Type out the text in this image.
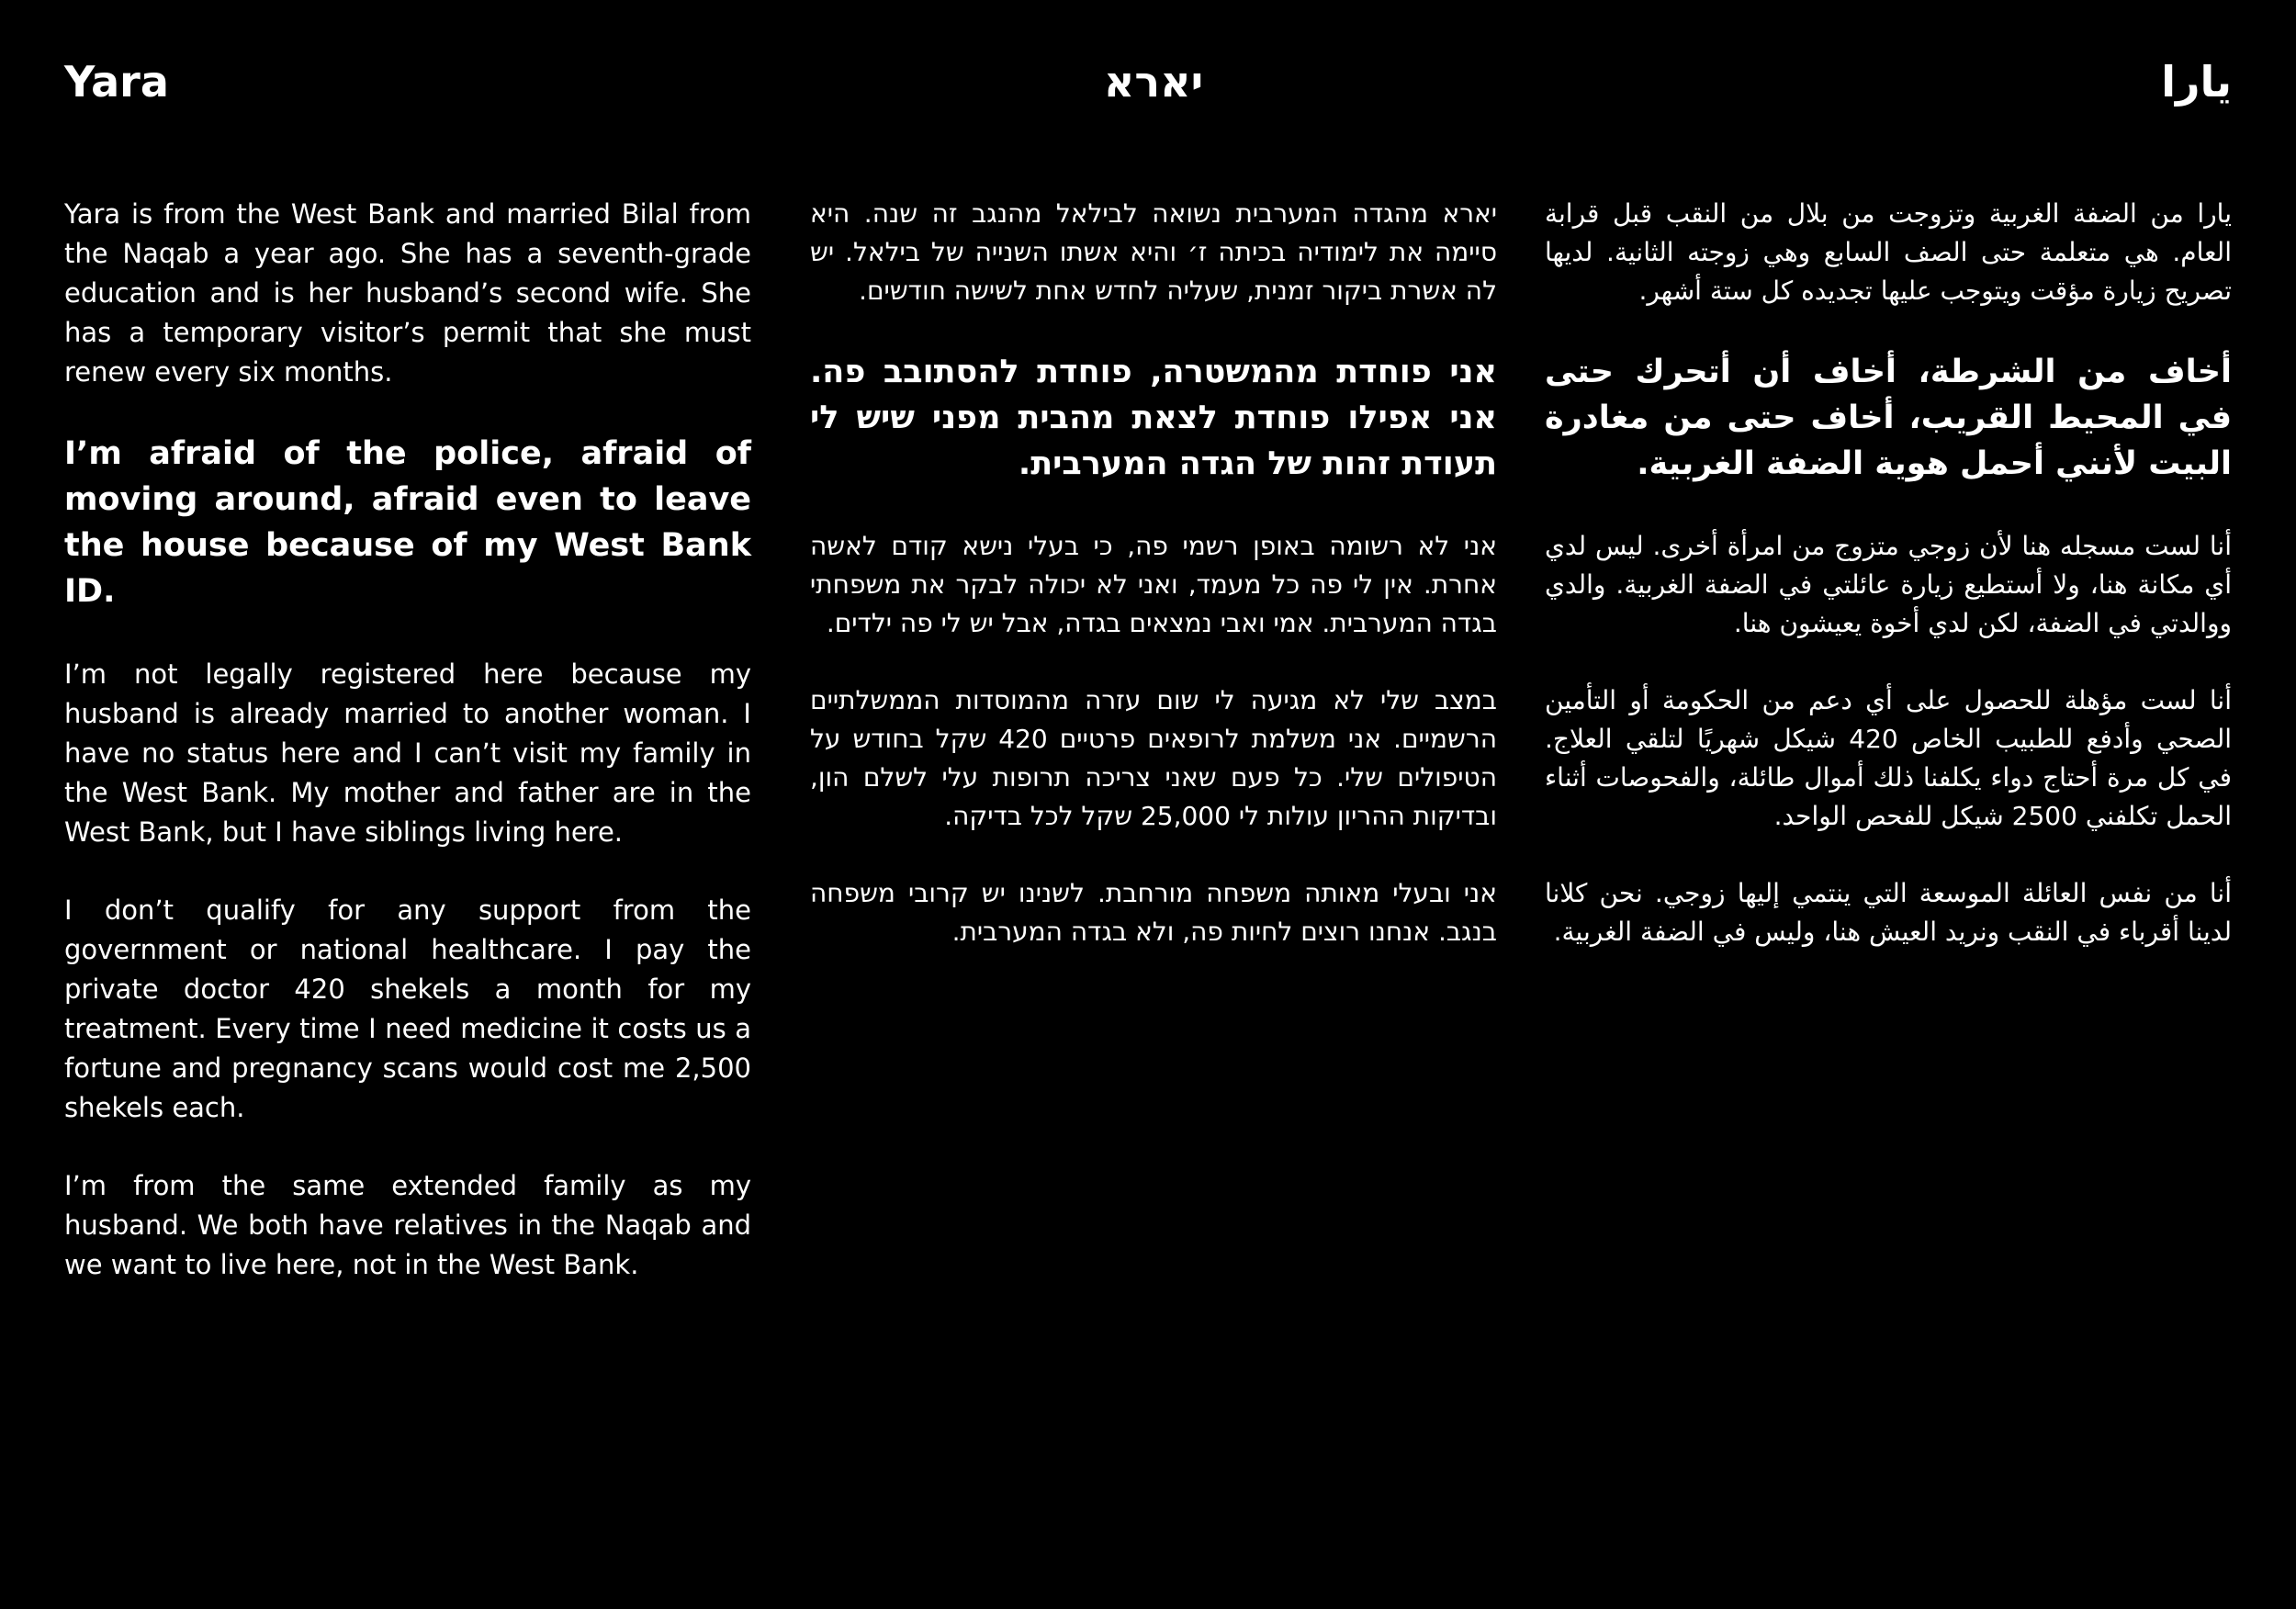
Yara

Yara is from the West Bank and married Bilal from the Naqab a year ago. She has a seventh-grade education and is her husband’s second wife. She has a temporary visitor’s permit that she must renew every six months.

I’m afraid of the police, afraid of moving around, afraid even to leave the house because of my West Bank ID.

I’m not legally registered here because my husband is already married to another woman. I have no status here and I can’t visit my family in the West Bank. My mother and father are in the West Bank, but I have siblings living here.

I don’t qualify for any support from the government or national healthcare. I pay the private doctor 420 shekels a month for my treatment. Every time I need medicine it costs us a fortune and pregnancy scans would cost me 2,500 shekels each.

I’m from the same extended family as my husband. We both have relatives in the Naqab and we want to live here, not in the West Bank.

יארא

יארא מהגדה המערבית נשואה לבילאל מהנגב זה שנה. היא סיימה את לימודיה בכיתה ז׳ והיא אשתו השנייה של בילאל. יש לה אשרת ביקור זמנית, שעליה לחדש אחת לשישה חודשים.

אני פוחדת מהמשטרה, פוחדת להסתובב פה. אני אפילו פוחדת לצאת מהבית מפני שיש לי תעודת זהות של הגדה המערבית.

אני לא רשומה באופן רשמי פה, כי בעלי נישא קודם לאשה אחרת. אין לי פה כל מעמד, ואני לא יכולה לבקר את משפחתי בגדה המערבית. אמי ואבי נמצאים בגדה, אבל יש לי פה ילדים.

במצב שלי לא מגיעה לי שום עזרה מהמוסדות הממשלתיים הרשמיים. אני משלמת לרופאים פרטיים 420 שקל בחודש על הטיפולים שלי. כל פעם שאני צריכה תרופות עלי לשלם הון, ובדיקות ההריון עולות לי 25,000 שקל לכל בדיקה.

אני ובעלי מאותה משפחה מורחבת. לשנינו יש קרובי משפחה בנגב. אנחנו רוצים לחיות פה, ולא בגדה המערבית.

يارا

يارا من الضفة الغربية وتزوجت من بلال من النقب قبل قرابة العام. هي متعلمة حتى الصف السابع وهي زوجته الثانية. لديها تصريح زيارة مؤقت ويتوجب عليها تجديده كل ستة أشهر.

أخاف من الشرطة، أخاف أن أتحرك حتى في المحيط القريب، أخاف حتى من مغادرة البيت لأنني أحمل هوية الضفة الغربية.

أنا لست مسجله هنا لأن زوجي متزوج من امرأة أخرى. ليس لدي أي مكانة هنا، ولا أستطيع زيارة عائلتي في الضفة الغربية. والدي ووالدتي في الضفة، لكن لدي أخوة يعيشون هنا.

أنا لست مؤهلة للحصول على أي دعم من الحكومة أو التأمين الصحي وأدفع للطبيب الخاص 420 شيكل شهريًا لتلقي العلاج. في كل مرة أحتاج دواء يكلفنا ذلك أموال طائلة، والفحوصات أثناء الحمل تكلفني 2500 شيكل للفحص الواحد.

أنا من نفس العائلة الموسعة التي ينتمي إليها زوجي. نحن كلانا لدينا أقرباء في النقب ونريد العيش هنا، وليس في الضفة الغربية.
